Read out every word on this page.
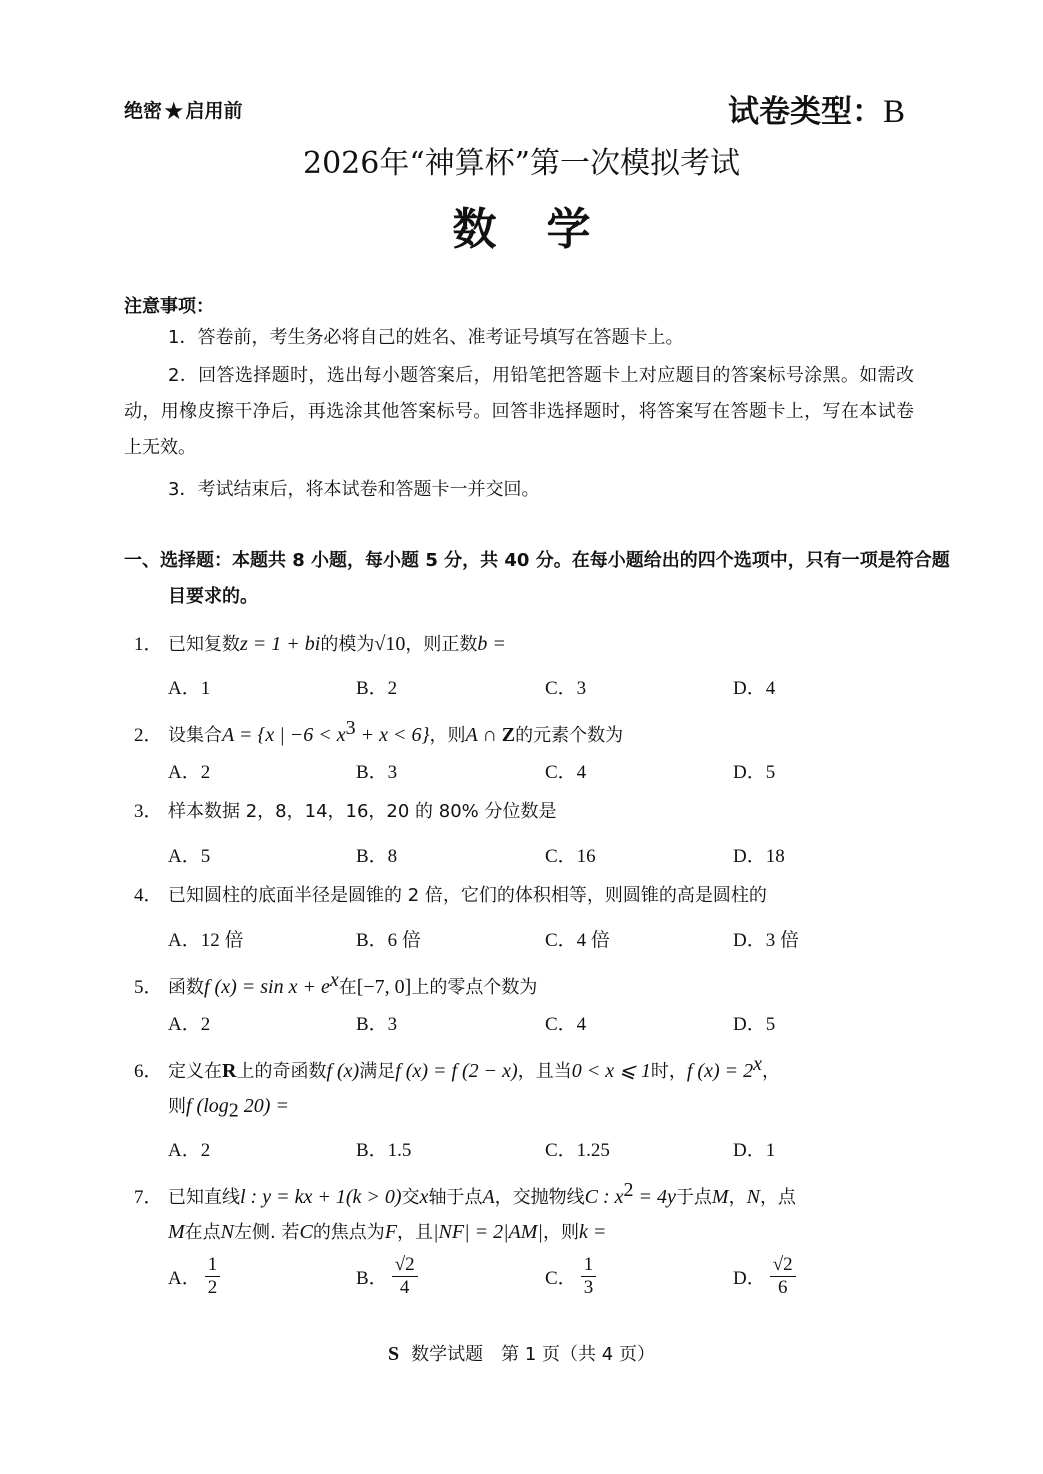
绝密★启用前	试卷类型：B
2026年“神算杯”第一次模拟考试
数学
注意事项：
1．答卷前，考生务必将自己的姓名、准考证号填写在答题卡上。
2．回答选择题时，选出每小题答案后，用铅笔把答题卡上对应题目的答案标号涂黑。如需改动，用橡皮擦干净后，再选涂其他答案标号。回答非选择题时，将答案写在答题卡上，写在本试卷上无效。
3．考试结束后，将本试卷和答题卡一并交回。
一、选择题：本题共 8 小题，每小题 5 分，共 40 分。在每小题给出的四个选项中，只有一项是符合题目要求的。
1． 已知复数z = 1 + bi的模为√10，则正数b =
A．1	B．2	C．3	D．4
2． 设集合A = {x | $-6 < x^3 + x < 6$}，则A ∩ Z的元素个数为
A．2	B．3	C．4	D．5
3． 样本数据 2，8，14，16，20 的 80% 分位数是
A．5	B．8	C．16	D．18
4． 已知圆柱的底面半径是圆锥的 2 倍，它们的体积相等，则圆锥的高是圆柱的
A．12 倍	B．6 倍	C．4 倍	D．3 倍
5． 函数f $(x) = \sin x + e^x$在[−7, 0]上的零点个数为
A．2	B．3	C．4	D．5
6． 定义在R上的奇函数f (x)满足f (x) = f (2 − x)，且当0 < x ⩽ 1时，f $(x) = 2^x$，
则f ($\log_2$ 20) =
A．2	B．1.5	C．1.25	D．1
7． 已知直线l : y = kx + 1(k > 0)交x轴于点A，交抛物线C : $x^2 = 4y$于点M，N，点
M在点N左侧. 若C的焦点为F，且|NF| = 2|AM|，则k =
A． $\frac{1}{2}$	B． $\frac{√2}{4}$	C． $\frac{1}{3}$	D． $\frac{√2}{6}$
S 数学试题　第 1 页（共 4 页）
